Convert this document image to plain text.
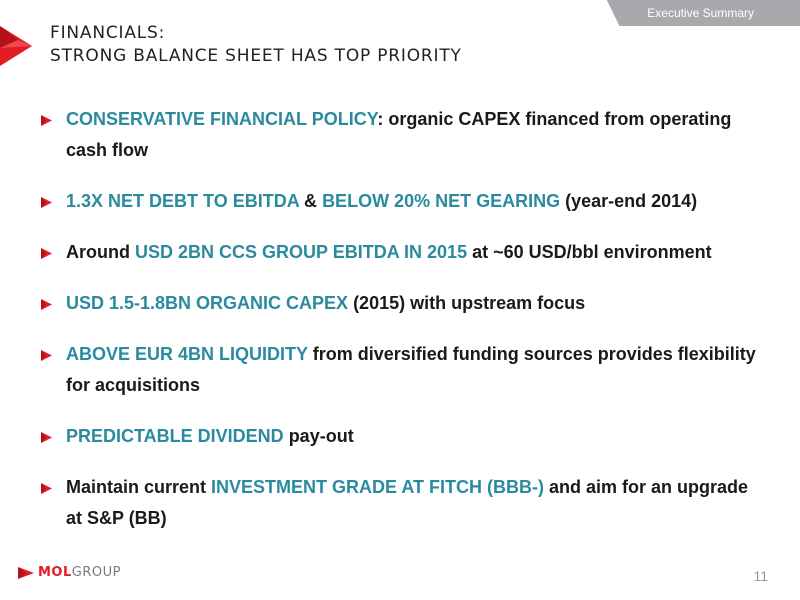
Executive Summary
FINANCIALS:
STRONG BALANCE SHEET HAS TOP PRIORITY
CONSERVATIVE FINANCIAL POLICY: organic CAPEX financed from operating cash flow
1.3X NET DEBT TO EBITDA & BELOW 20% NET GEARING (year-end 2014)
Around USD 2BN CCS GROUP EBITDA IN 2015 at ~60 USD/bbl environment
USD 1.5-1.8BN ORGANIC CAPEX (2015) with upstream focus
ABOVE EUR 4BN LIQUIDITY from diversified funding sources provides flexibility for acquisitions
PREDICTABLE DIVIDEND pay-out
Maintain current INVESTMENT GRADE AT FITCH (BBB-) and aim for an upgrade at S&P (BB)
MOLGROUP	11
